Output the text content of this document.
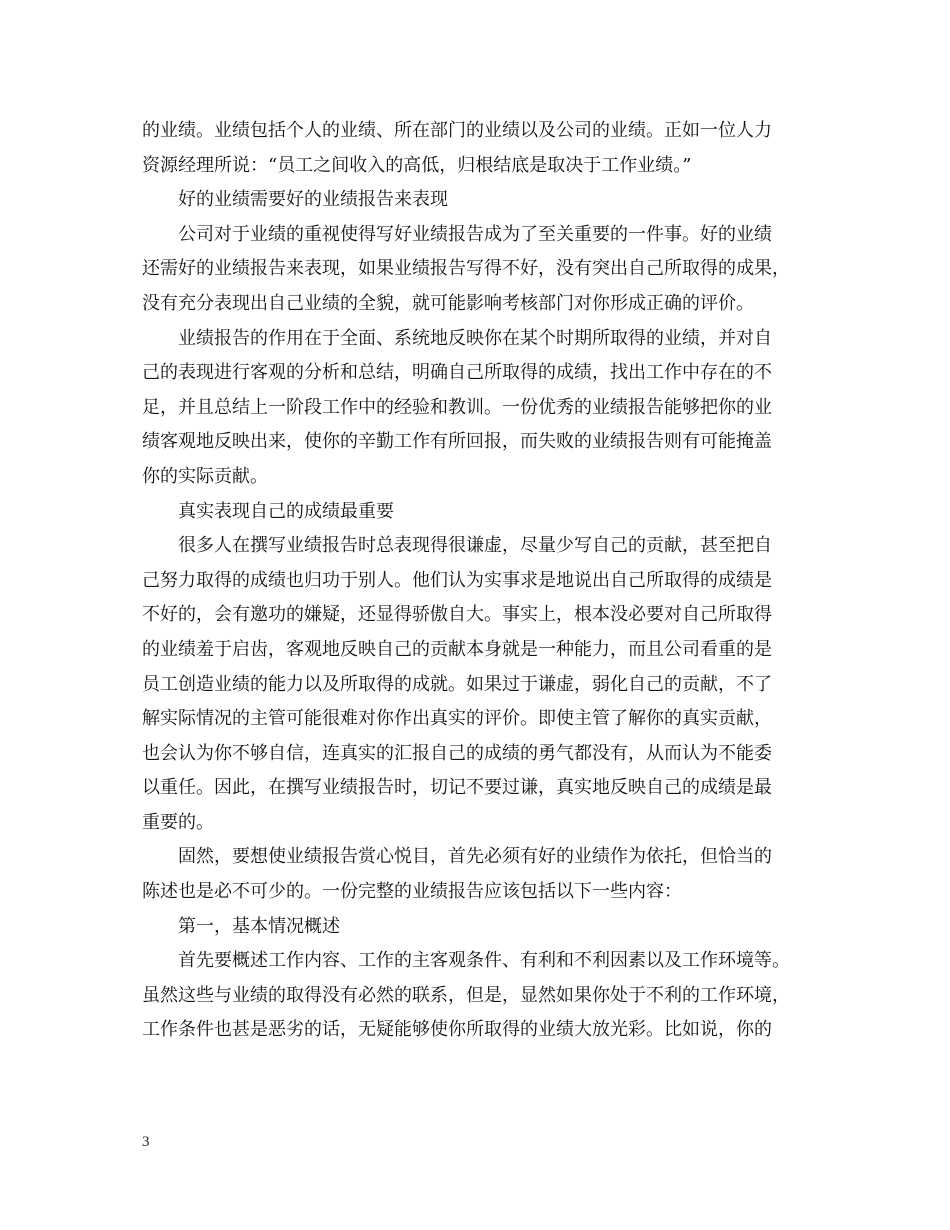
的业绩。业绩包括个人的业绩、所在部门的业绩以及公司的业绩。正如一位人力
资源经理所说：“员工之间收入的高低，归根结底是取决于工作业绩。”
好的业绩需要好的业绩报告来表现
公司对于业绩的重视使得写好业绩报告成为了至关重要的一件事。好的业绩
还需好的业绩报告来表现，如果业绩报告写得不好，没有突出自己所取得的成果，
没有充分表现出自己业绩的全貌，就可能影响考核部门对你形成正确的评价。
业绩报告的作用在于全面、系统地反映你在某个时期所取得的业绩，并对自
己的表现进行客观的分析和总结，明确自己所取得的成绩，找出工作中存在的不
足，并且总结上一阶段工作中的经验和教训。一份优秀的业绩报告能够把你的业
绩客观地反映出来，使你的辛勤工作有所回报，而失败的业绩报告则有可能掩盖
你的实际贡献。
真实表现自己的成绩最重要
很多人在撰写业绩报告时总表现得很谦虚，尽量少写自己的贡献，甚至把自
己努力取得的成绩也归功于别人。他们认为实事求是地说出自己所取得的成绩是
不好的，会有邀功的嫌疑，还显得骄傲自大。事实上，根本没必要对自己所取得
的业绩羞于启齿，客观地反映自己的贡献本身就是一种能力，而且公司看重的是
员工创造业绩的能力以及所取得的成就。如果过于谦虚，弱化自己的贡献，不了
解实际情况的主管可能很难对你作出真实的评价。即使主管了解你的真实贡献，
也会认为你不够自信，连真实的汇报自己的成绩的勇气都没有，从而认为不能委
以重任。因此，在撰写业绩报告时，切记不要过谦，真实地反映自己的成绩是最
重要的。
固然，要想使业绩报告赏心悦目，首先必须有好的业绩作为依托，但恰当的
陈述也是必不可少的。一份完整的业绩报告应该包括以下一些内容：
第一，基本情况概述
首先要概述工作内容、工作的主客观条件、有利和不利因素以及工作环境等。
虽然这些与业绩的取得没有必然的联系，但是，显然如果你处于不利的工作环境，
工作条件也甚是恶劣的话，无疑能够使你所取得的业绩大放光彩。比如说，你的
3
